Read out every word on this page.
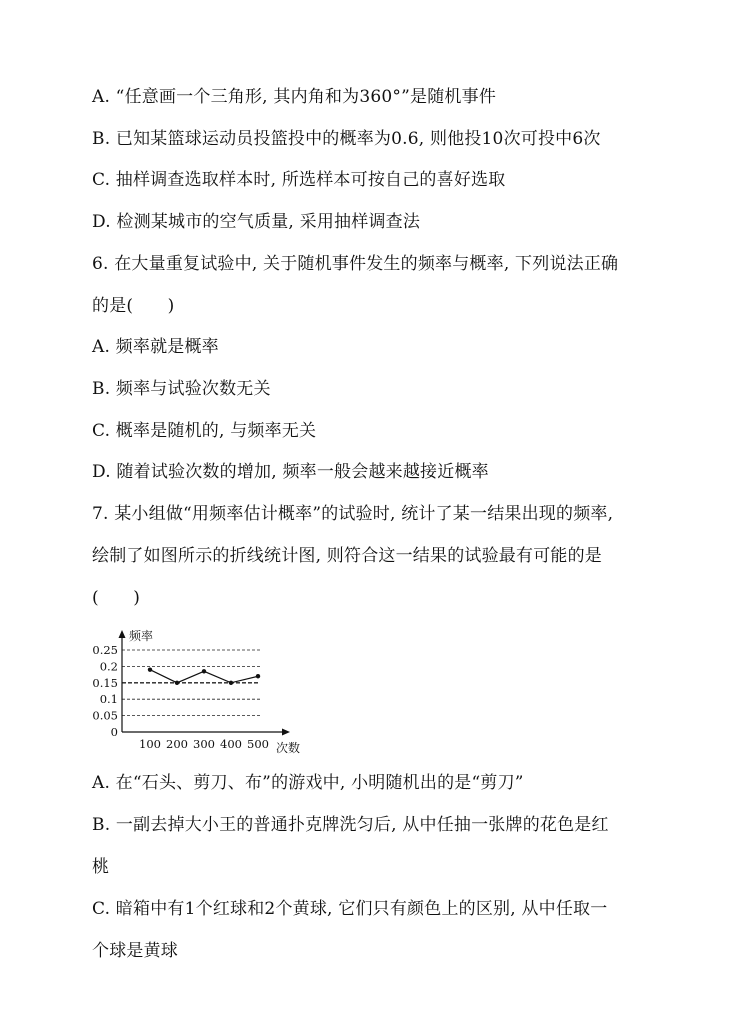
A. “任意画一个三角形, 其内角和为360°”是随机事件
B. 已知某篮球运动员投篮投中的概率为0.6, 则他投10次可投中6次
C. 抽样调查选取样本时, 所选样本可按自己的喜好选取
D. 检测某城市的空气质量, 采用抽样调查法
6. 在大量重复试验中, 关于随机事件发生的频率与概率, 下列说法正确
的是(　　)
A. 频率就是概率
B. 频率与试验次数无关
C. 概率是随机的, 与频率无关
D. 随着试验次数的增加, 频率一般会越来越接近概率
7. 某小组做“用频率估计概率”的试验时, 统计了某一结果出现的频率,
绘制了如图所示的折线统计图, 则符合这一结果的试验最有可能的是
(　　)
0.25
0.2
0.15
0.1
0.05
0
100 200 300 400 500
频率
次数
A. 在“石头、剪刀、布”的游戏中, 小明随机出的是“剪刀”
B. 一副去掉大小王的普通扑克牌洗匀后, 从中任抽一张牌的花色是红
桃
C. 暗箱中有1个红球和2个黄球, 它们只有颜色上的区别, 从中任取一
个球是黄球
